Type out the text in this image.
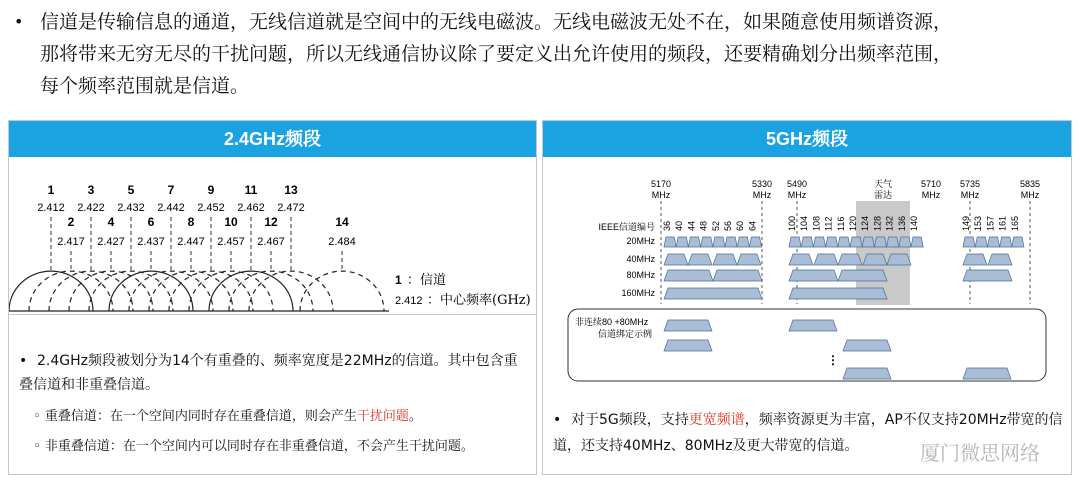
• 信道是传输信息的通道，无线信道就是空间中的无线电磁波。无线电磁波无处不在，如果随意使用频谱资源，

那将带来无穷无尽的干扰问题，所以无线通信协议除了要定义出允许使用的频段，还要精确划分出频率范围，

每个频率范围就是信道。

2.4GHz频段
1
2.412
3
2.422
5
2.432
7
2.442
9
2.452
11
2.462
13
2.472
2
2.417
4
2.427
6
2.437
8
2.447
10
2.457
12
2.467
14
2.484
1 ：信道
2.412 ：中心频率(GHz)
• 2.4GHz频段被划分为14个有重叠的、频率宽度是22MHz的信道。其中包含重叠信道和非重叠信道。
◦ 重叠信道：在一个空间内同时存在重叠信道，则会产生干扰问题。
◦ 非重叠信道：在一个空间内可以同时存在非重叠信道，不会产生干扰问题。
5GHz频段
5170
MHz
5330
MHz
5490
MHz
天气
雷达
5710
MHz
5735
MHz
5835
MHz
IEEE信道编号
20MHz
40MHz
80MHz
160MHz
36 40 44 48 52 56 60 64	100 104 108 112 116 120 124 128 132 136 140	149 153 157 161 165
非连续80 +80MHz
信道绑定示例
⋮
• 对于5G频段，支持更宽频谱，频率资源更为丰富，AP不仅支持20MHz带宽的信道，还支持40MHz、80MHz及更大带宽的信道。	厦门微思网络
